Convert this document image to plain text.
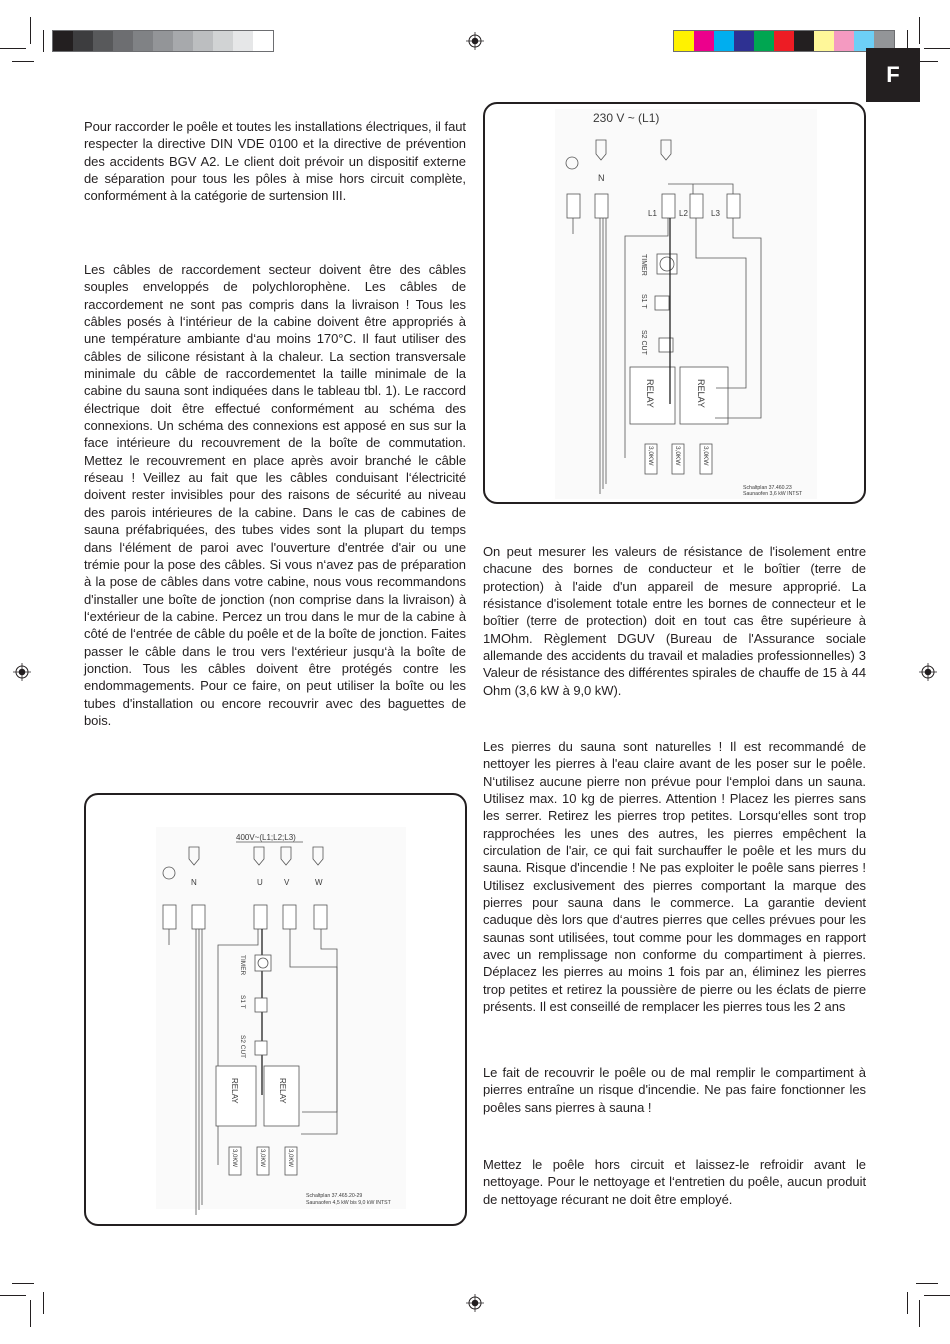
F

Pour raccorder le poêle et toutes les installations électriques, il faut respecter la directive DIN VDE 0100 et la directive de prévention des accidents BGV A2. Le client doit prévoir un dispositif externe de séparation pour tous les pôles à mise hors circuit complète, conformément à la catégorie de surtension III.

Les câbles de raccordement secteur doivent être des câbles souples enveloppés de polychlorophène. Les câbles de raccordement ne sont pas compris dans la livraison ! Tous les câbles posés à l‘intérieur de la cabine doivent être appropriés à une température ambiante d‘au moins 170°C. Il faut utiliser des câbles de silicone résistant à la chaleur. La section transversale minimale du câble de raccordementet la taille minimale de la cabine du sauna sont indiquées dans le tableau tbl. 1). Le raccord électrique doit être effectué conformément au schéma des connexions. Un schéma des connexions est apposé en sus sur la face intérieure du recouvrement de la boîte de commutation. Mettez le recouvrement en place après avoir branché le câble réseau ! Veillez au fait que les câbles conduisant l‘électricité doivent rester invisibles pour des raisons de sécurité au niveau des parois intérieures de la cabine. Dans le cas de cabines de sauna préfabriquées, des tubes vides sont la plupart du temps dans l‘élément de paroi avec l'ouverture d'entrée d'air ou une trémie pour la pose des câbles. Si vous n‘avez pas de préparation à la pose de câbles dans votre cabine, nous vous recommandons d'installer une boîte de jonction (non comprise dans la livraison) à l‘extérieur de la cabine. Percez un trou dans le mur de la cabine à côté de l‘entrée de câble du poêle et de la boîte de jonction. Faites passer le câble dans le trou vers l‘extérieur jusqu‘à la boîte de jonction. Tous les câbles doivent être protégés contre les endommagements. Pour ce faire, on peut utiliser la boîte ou les tubes d'installation ou encore recouvrir avec des baguettes de bois.

400V~(L1;L2;L3)
N	U	V	W
TIMER
S1 T
S2 CUT
RELAY	RELAY
3,0KW	3,0KW	3,0KW
Schaltplan 37.465.20-29
Saunaofen 4,5 kW bis 9,0 kW INTST
230 V ~ (L1)
N
L1	L2	L3
TIMER
S1 T
S2 CUT
RELAY	RELAY
3,0KW	3,0KW	3,0KW
Schaltplan 37.460.23
Saunaofen 3,6 kW INTST

On peut mesurer les valeurs de résistance de l'isolement entre chacune des bornes de conducteur et le boîtier (terre de protection) à l'aide d'un appareil de mesure approprié. La résistance d'isolement totale entre les bornes de connecteur et le boîtier (terre de protection) doit en tout cas être supérieure à 1MOhm. Règlement DGUV (Bureau de l'Assurance sociale allemande des accidents du travail et maladies professionnelles) 3 Valeur de résistance des différentes spirales de chauffe de 15 à 44 Ohm (3,6 kW à 9,0 kW).

Les pierres du sauna sont naturelles ! Il est recommandé de nettoyer les pierres à l'eau claire avant de les poser sur le poêle. N‘utilisez aucune pierre non prévue pour l‘emploi dans un sauna. Utilisez max. 10 kg de pierres. Attention ! Placez les pierres sans les serrer. Retirez les pierres trop petites. Lorsqu‘elles sont trop rapprochées les unes des autres, les pierres empêchent la circulation de l'air, ce qui fait surchauffer le poêle et les murs du sauna. Risque d'incendie ! Ne pas exploiter le poêle sans pierres ! Utilisez exclusivement des pierres comportant la marque des pierres pour sauna dans le commerce. La garantie devient caduque dès lors que d‘autres pierres que celles prévues pour les saunas sont utilisées, tout comme pour les dommages en rapport avec un remplissage non conforme du compartiment à pierres. Déplacez les pierres au moins 1 fois par an, éliminez les pierres trop petites et retirez la poussière de pierre ou les éclats de pierre présents. Il est conseillé de remplacer les pierres tous les 2 ans

Le fait de recouvrir le poêle ou de mal remplir le compartiment à pierres entraîne un risque d'incendie. Ne pas faire fonctionner les poêles sans pierres à sauna !

Mettez le poêle hors circuit et laissez-le refroidir avant le nettoyage. Pour le nettoyage et l‘entretien du poêle, aucun produit de nettoyage récurant ne doit être employé.
